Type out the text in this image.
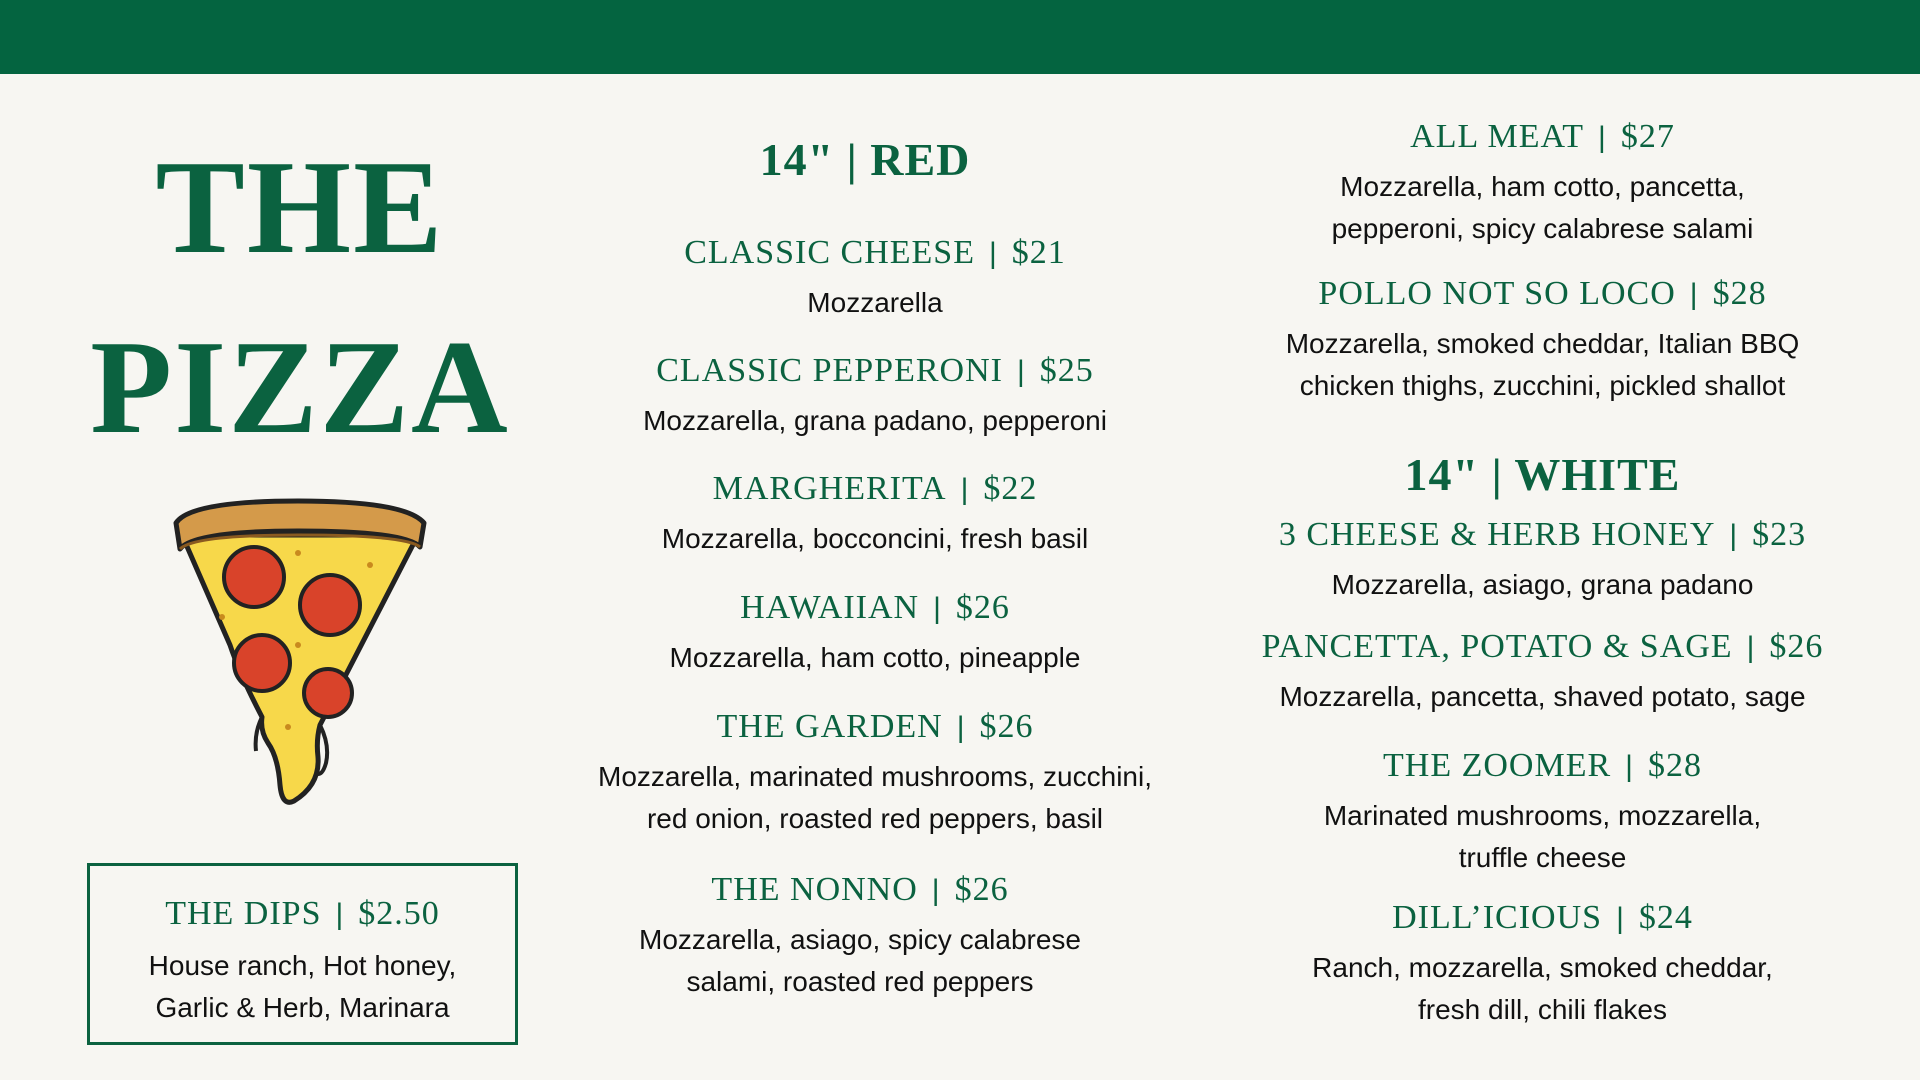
THE
PIZZA
THE DIPS | $2.50
House ranch, Hot honey,
Garlic & Herb, Marinara
14" | RED
CLASSIC CHEESE | $21
Mozzarella
CLASSIC PEPPERONI | $25
Mozzarella, grana padano, pepperoni
MARGHERITA | $22
Mozzarella, bocconcini, fresh basil
HAWAIIAN | $26
Mozzarella, ham cotto, pineapple
THE GARDEN | $26
Mozzarella, marinated mushrooms, zucchini,
red onion, roasted red peppers, basil
THE NONNO | $26
Mozzarella, asiago, spicy calabrese
salami, roasted red peppers
ALL MEAT | $27
Mozzarella, ham cotto, pancetta,
pepperoni, spicy calabrese salami
POLLO NOT SO LOCO | $28
Mozzarella, smoked cheddar, Italian BBQ
chicken thighs, zucchini, pickled shallot
14" | WHITE
3 CHEESE & HERB HONEY | $23
Mozzarella, asiago, grana padano
PANCETTA, POTATO & SAGE | $26
Mozzarella, pancetta, shaved potato, sage
THE ZOOMER | $28
Marinated mushrooms, mozzarella,
truffle cheese
DILL’ICIOUS | $24
Ranch, mozzarella, smoked cheddar,
fresh dill, chili flakes
